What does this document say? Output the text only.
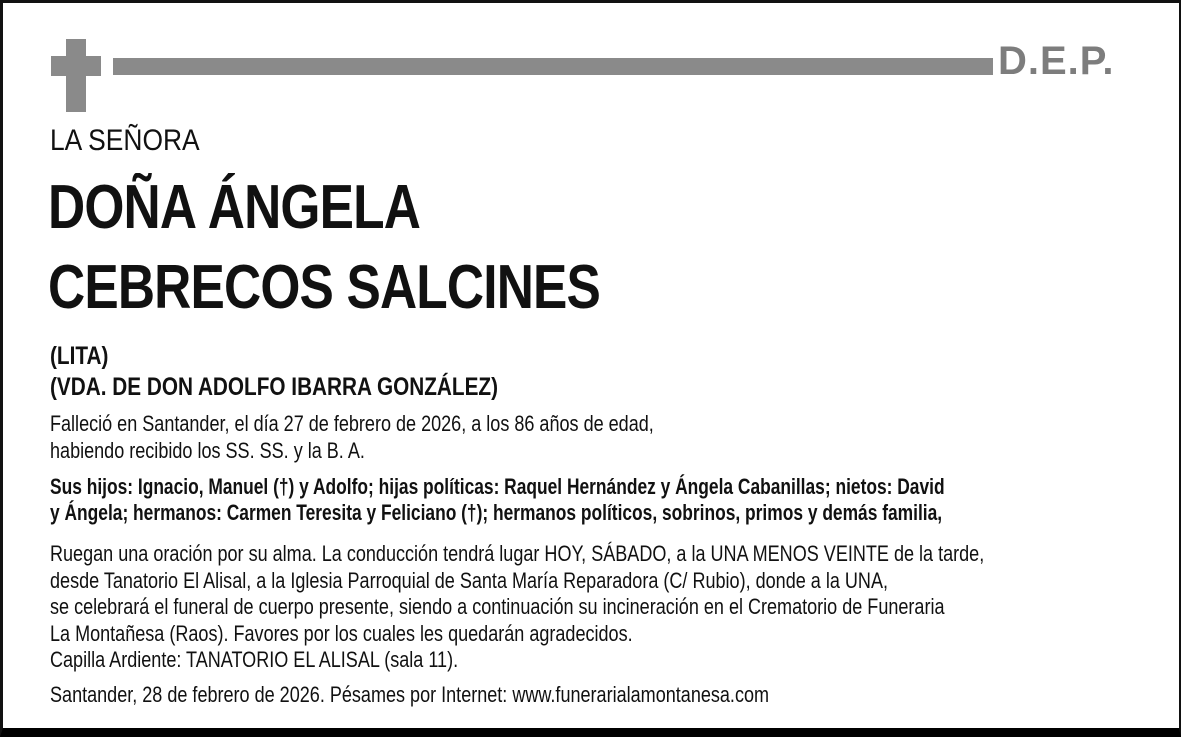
D.E.P.
LA SEÑORA
DOÑA ÁNGELA
CEBRECOS SALCINES
(LITA)
(VDA. DE DON ADOLFO IBARRA GONZÁLEZ)
Falleció en Santander, el día 27 de febrero de 2026, a los 86 años de edad,
habiendo recibido los SS. SS. y la B. A.
Sus hijos: Ignacio, Manuel (†) y Adolfo; hijas políticas: Raquel Hernández y Ángela Cabanillas; nietos: David
y Ángela; hermanos: Carmen Teresita y Feliciano (†); hermanos políticos, sobrinos, primos y demás familia,
Ruegan una oración por su alma. La conducción tendrá lugar HOY, SÁBADO, a la UNA MENOS VEINTE de la tarde,
desde Tanatorio El Alisal, a la Iglesia Parroquial de Santa María Reparadora (C/ Rubio), donde a la UNA,
se celebrará el funeral de cuerpo presente, siendo a continuación su incineración en el Crematorio de Funeraria
La Montañesa (Raos). Favores por los cuales les quedarán agradecidos.
Capilla Ardiente: TANATORIO EL ALISAL (sala 11).
Santander, 28 de febrero de 2026. Pésames por Internet: www.funerarialamontanesa.com
